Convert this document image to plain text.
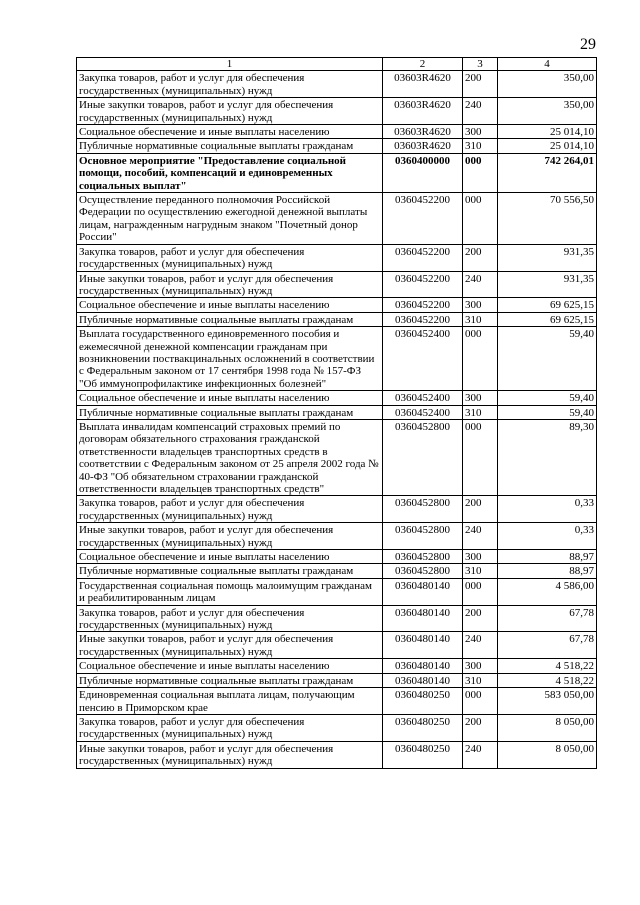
29
1	2	3	4
Закупка товаров, работ и услуг для обеспечения государственных (муниципальных) нужд	03603R4620	200	350,00
Иные закупки товаров, работ и услуг для обеспечения государственных (муниципальных) нужд	03603R4620	240	350,00
Социальное обеспечение и иные выплаты населению	03603R4620	300	25 014,10
Публичные нормативные социальные выплаты гражданам	03603R4620	310	25 014,10
Основное мероприятие "Предоставление социальной помощи, пособий, компенсаций и единовременных социальных выплат"	0360400000	000	742 264,01
Осуществление переданного полномочия Российской Федерации по осуществлению ежегодной денежной выплаты лицам, награжденным нагрудным знаком "Почетный донор России"	0360452200	000	70 556,50
Закупка товаров, работ и услуг для обеспечения государственных (муниципальных) нужд	0360452200	200	931,35
Иные закупки товаров, работ и услуг для обеспечения государственных (муниципальных) нужд	0360452200	240	931,35
Социальное обеспечение и иные выплаты населению	0360452200	300	69 625,15
Публичные нормативные социальные выплаты гражданам	0360452200	310	69 625,15
Выплата государственного единовременного пособия и ежемесячной денежной компенсации гражданам при возникновении поствакцинальных осложнений в соответствии с Федеральным законом от 17 сентября 1998 года № 157-ФЗ "Об иммунопрофилактике инфекционных болезней"	0360452400	000	59,40
Социальное обеспечение и иные выплаты населению	0360452400	300	59,40
Публичные нормативные социальные выплаты гражданам	0360452400	310	59,40
Выплата инвалидам компенсаций страховых премий по договорам обязательного страхования гражданской ответственности владельцев транспортных средств в соответствии с Федеральным законом от 25 апреля 2002 года № 40-ФЗ "Об обязательном страховании гражданской ответственности владельцев транспортных средств"	0360452800	000	89,30
Закупка товаров, работ и услуг для обеспечения государственных (муниципальных) нужд	0360452800	200	0,33
Иные закупки товаров, работ и услуг для обеспечения государственных (муниципальных) нужд	0360452800	240	0,33
Социальное обеспечение и иные выплаты населению	0360452800	300	88,97
Публичные нормативные социальные выплаты гражданам	0360452800	310	88,97
Государственная социальная помощь малоимущим гражданам и реабилитированным лицам	0360480140	000	4 586,00
Закупка товаров, работ и услуг для обеспечения государственных (муниципальных) нужд	0360480140	200	67,78
Иные закупки товаров, работ и услуг для обеспечения государственных (муниципальных) нужд	0360480140	240	67,78
Социальное обеспечение и иные выплаты населению	0360480140	300	4 518,22
Публичные нормативные социальные выплаты гражданам	0360480140	310	4 518,22
Единовременная социальная выплата лицам, получающим пенсию в Приморском крае	0360480250	000	583 050,00
Закупка товаров, работ и услуг для обеспечения государственных (муниципальных) нужд	0360480250	200	8 050,00
Иные закупки товаров, работ и услуг для обеспечения государственных (муниципальных) нужд	0360480250	240	8 050,00
